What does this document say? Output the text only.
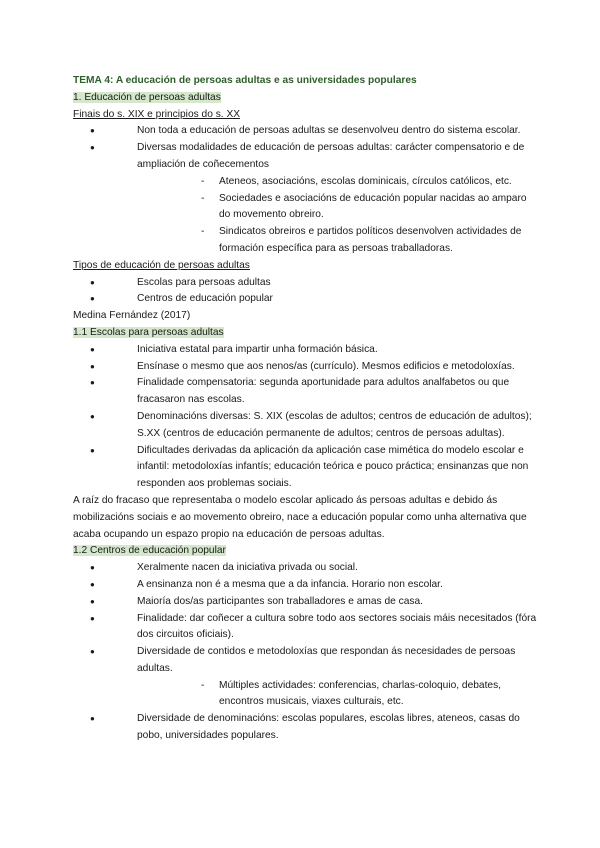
TEMA 4: A educación de persoas adultas e as universidades populares
1. Educación de persoas adultas
Finais do s. XIX e principios do s. XX
●	Non toda a educación de persoas adultas se desenvolveu dentro do sistema escolar.
●	Diversas modalidades de educación de persoas adultas: carácter compensatorio e de ampliación de coñecementos
- Ateneos, asociacións, escolas dominicais, círculos católicos, etc.
- Sociedades e asociacións de educación popular nacidas ao amparo do movemento obreiro.
- Sindicatos obreiros e partidos políticos desenvolven actividades de formación específica para as persoas traballadoras.
Tipos de educación de persoas adultas
●	Escolas para persoas adultas
●	Centros de educación popular
Medina Fernández (2017)
1.1 Escolas para persoas adultas
●	Iniciativa estatal para impartir unha formación básica.
●	Ensínase o mesmo que aos nenos/as (currículo). Mesmos edificios e metodoloxías.
●	Finalidade compensatoria: segunda aportunidade para adultos analfabetos ou que fracasaron nas escolas.
●	Denominacións diversas: S. XIX (escolas de adultos; centros de educación de adultos); S.XX (centros de educación permanente de adultos; centros de persoas adultas).
●	Dificultades derivadas da aplicación da aplicación case mimética do modelo escolar e infantil: metodoloxías infantís; educación teórica e pouco práctica; ensinanzas que non responden aos problemas sociais.
A raíz do fracaso que representaba o modelo escolar aplicado ás persoas adultas e debido ás mobilizacións sociais e ao movemento obreiro, nace a educación popular como unha alternativa que acaba ocupando un espazo propio na educación de persoas adultas.
1.2 Centros de educación popular
●	Xeralmente nacen da iniciativa privada ou social.
●	A ensinanza non é a mesma que a da infancia. Horario non escolar.
●	Maioría dos/as participantes son traballadores e amas de casa.
●	Finalidade: dar coñecer a cultura sobre todo aos sectores sociais máis necesitados (fóra dos circuitos oficiais).
●	Diversidade de contidos e metodoloxías que respondan ás necesidades de persoas adultas.
- Múltiples actividades: conferencias, charlas-coloquio, debates, encontros musicais, viaxes culturais, etc.
●	Diversidade de denominacións: escolas populares, escolas libres, ateneos, casas do pobo, universidades populares.
